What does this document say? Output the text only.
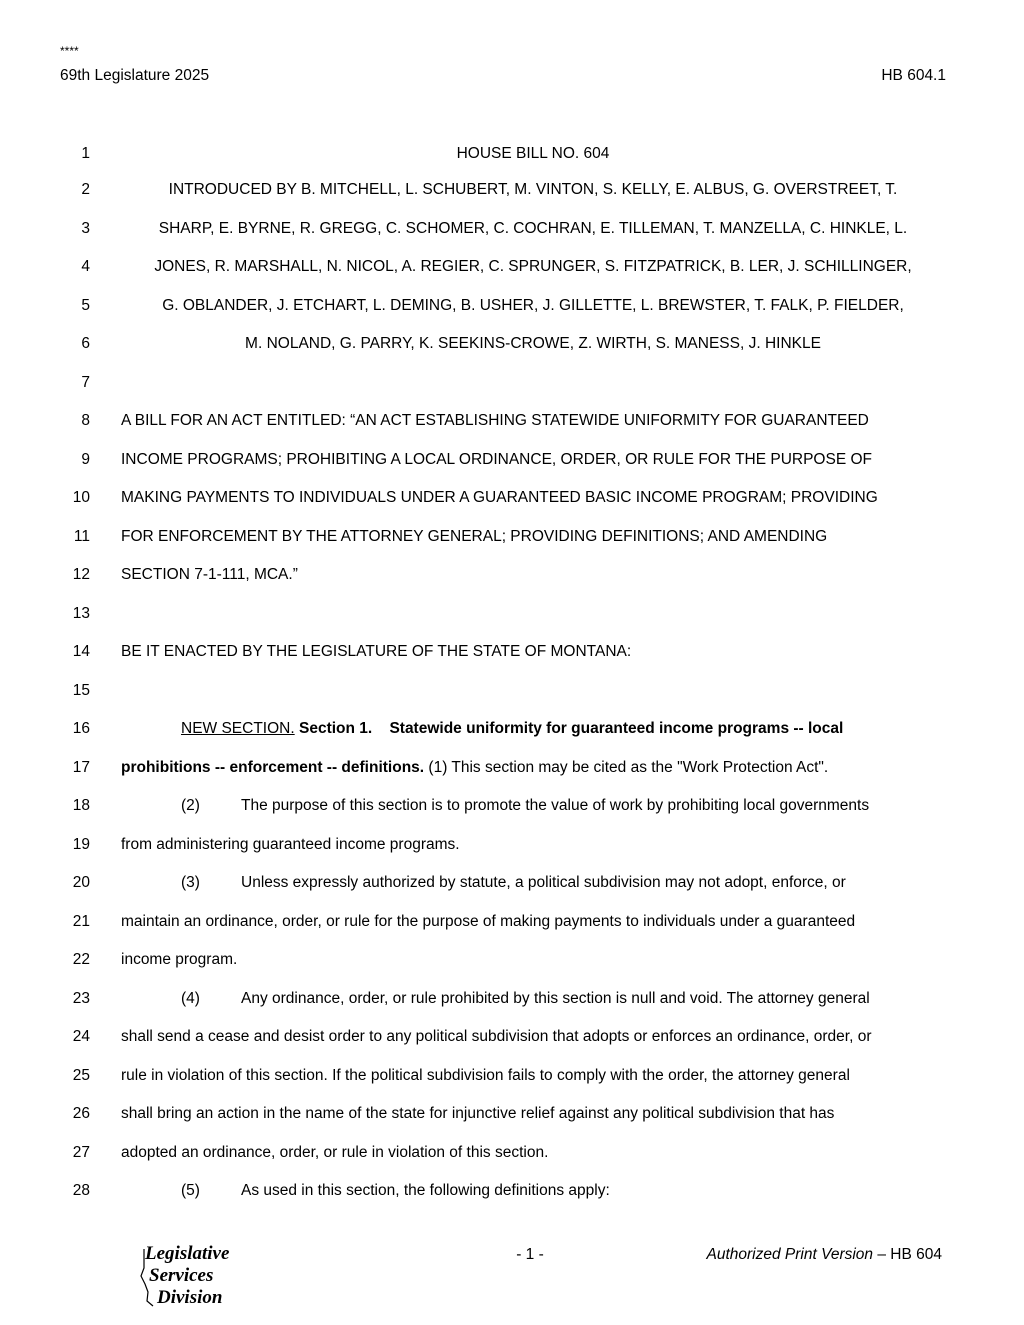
****
69th Legislature 2025	HB 604.1
1	HOUSE BILL NO. 604
2	INTRODUCED BY B. MITCHELL, L. SCHUBERT, M. VINTON, S. KELLY, E. ALBUS, G. OVERSTREET, T.
3	SHARP, E. BYRNE, R. GREGG, C. SCHOMER, C. COCHRAN, E. TILLEMAN, T. MANZELLA, C. HINKLE, L.
4	JONES, R. MARSHALL, N. NICOL, A. REGIER, C. SPRUNGER, S. FITZPATRICK, B. LER, J. SCHILLINGER,
5	G. OBLANDER, J. ETCHART, L. DEMING, B. USHER, J. GILLETTE, L. BREWSTER, T. FALK, P. FIELDER,
6	M. NOLAND, G. PARRY, K. SEEKINS-CROWE, Z. WIRTH, S. MANESS, J. HINKLE
7
8 A BILL FOR AN ACT ENTITLED: “AN ACT ESTABLISHING STATEWIDE UNIFORMITY FOR GUARANTEED
9 INCOME PROGRAMS; PROHIBITING A LOCAL ORDINANCE, ORDER, OR RULE FOR THE PURPOSE OF
10 MAKING PAYMENTS TO INDIVIDUALS UNDER A GUARANTEED BASIC INCOME PROGRAM; PROVIDING
11 FOR ENFORCEMENT BY THE ATTORNEY GENERAL; PROVIDING DEFINITIONS; AND AMENDING
12 SECTION 7-1-111, MCA.”
13
14 BE IT ENACTED BY THE LEGISLATURE OF THE STATE OF MONTANA:
15
16	NEW SECTION. Section 1. Statewide uniformity for guaranteed income programs -- local
17 prohibitions -- enforcement -- definitions. (1) This section may be cited as the "Work Protection Act".
18	(2)	The purpose of this section is to promote the value of work by prohibiting local governments
19 from administering guaranteed income programs.
20	(3)	Unless expressly authorized by statute, a political subdivision may not adopt, enforce, or
21 maintain an ordinance, order, or rule for the purpose of making payments to individuals under a guaranteed
22 income program.
23	(4)	Any ordinance, order, or rule prohibited by this section is null and void. The attorney general
24 shall send a cease and desist order to any political subdivision that adopts or enforces an ordinance, order, or
25 rule in violation of this section. If the political subdivision fails to comply with the order, the attorney general
26 shall bring an action in the name of the state for injunctive relief against any political subdivision that has
27 adopted an ordinance, order, or rule in violation of this section.
28	(5)	As used in this section, the following definitions apply:
Legislative
Services
Division
- 1 -	Authorized Print Version – HB 604
